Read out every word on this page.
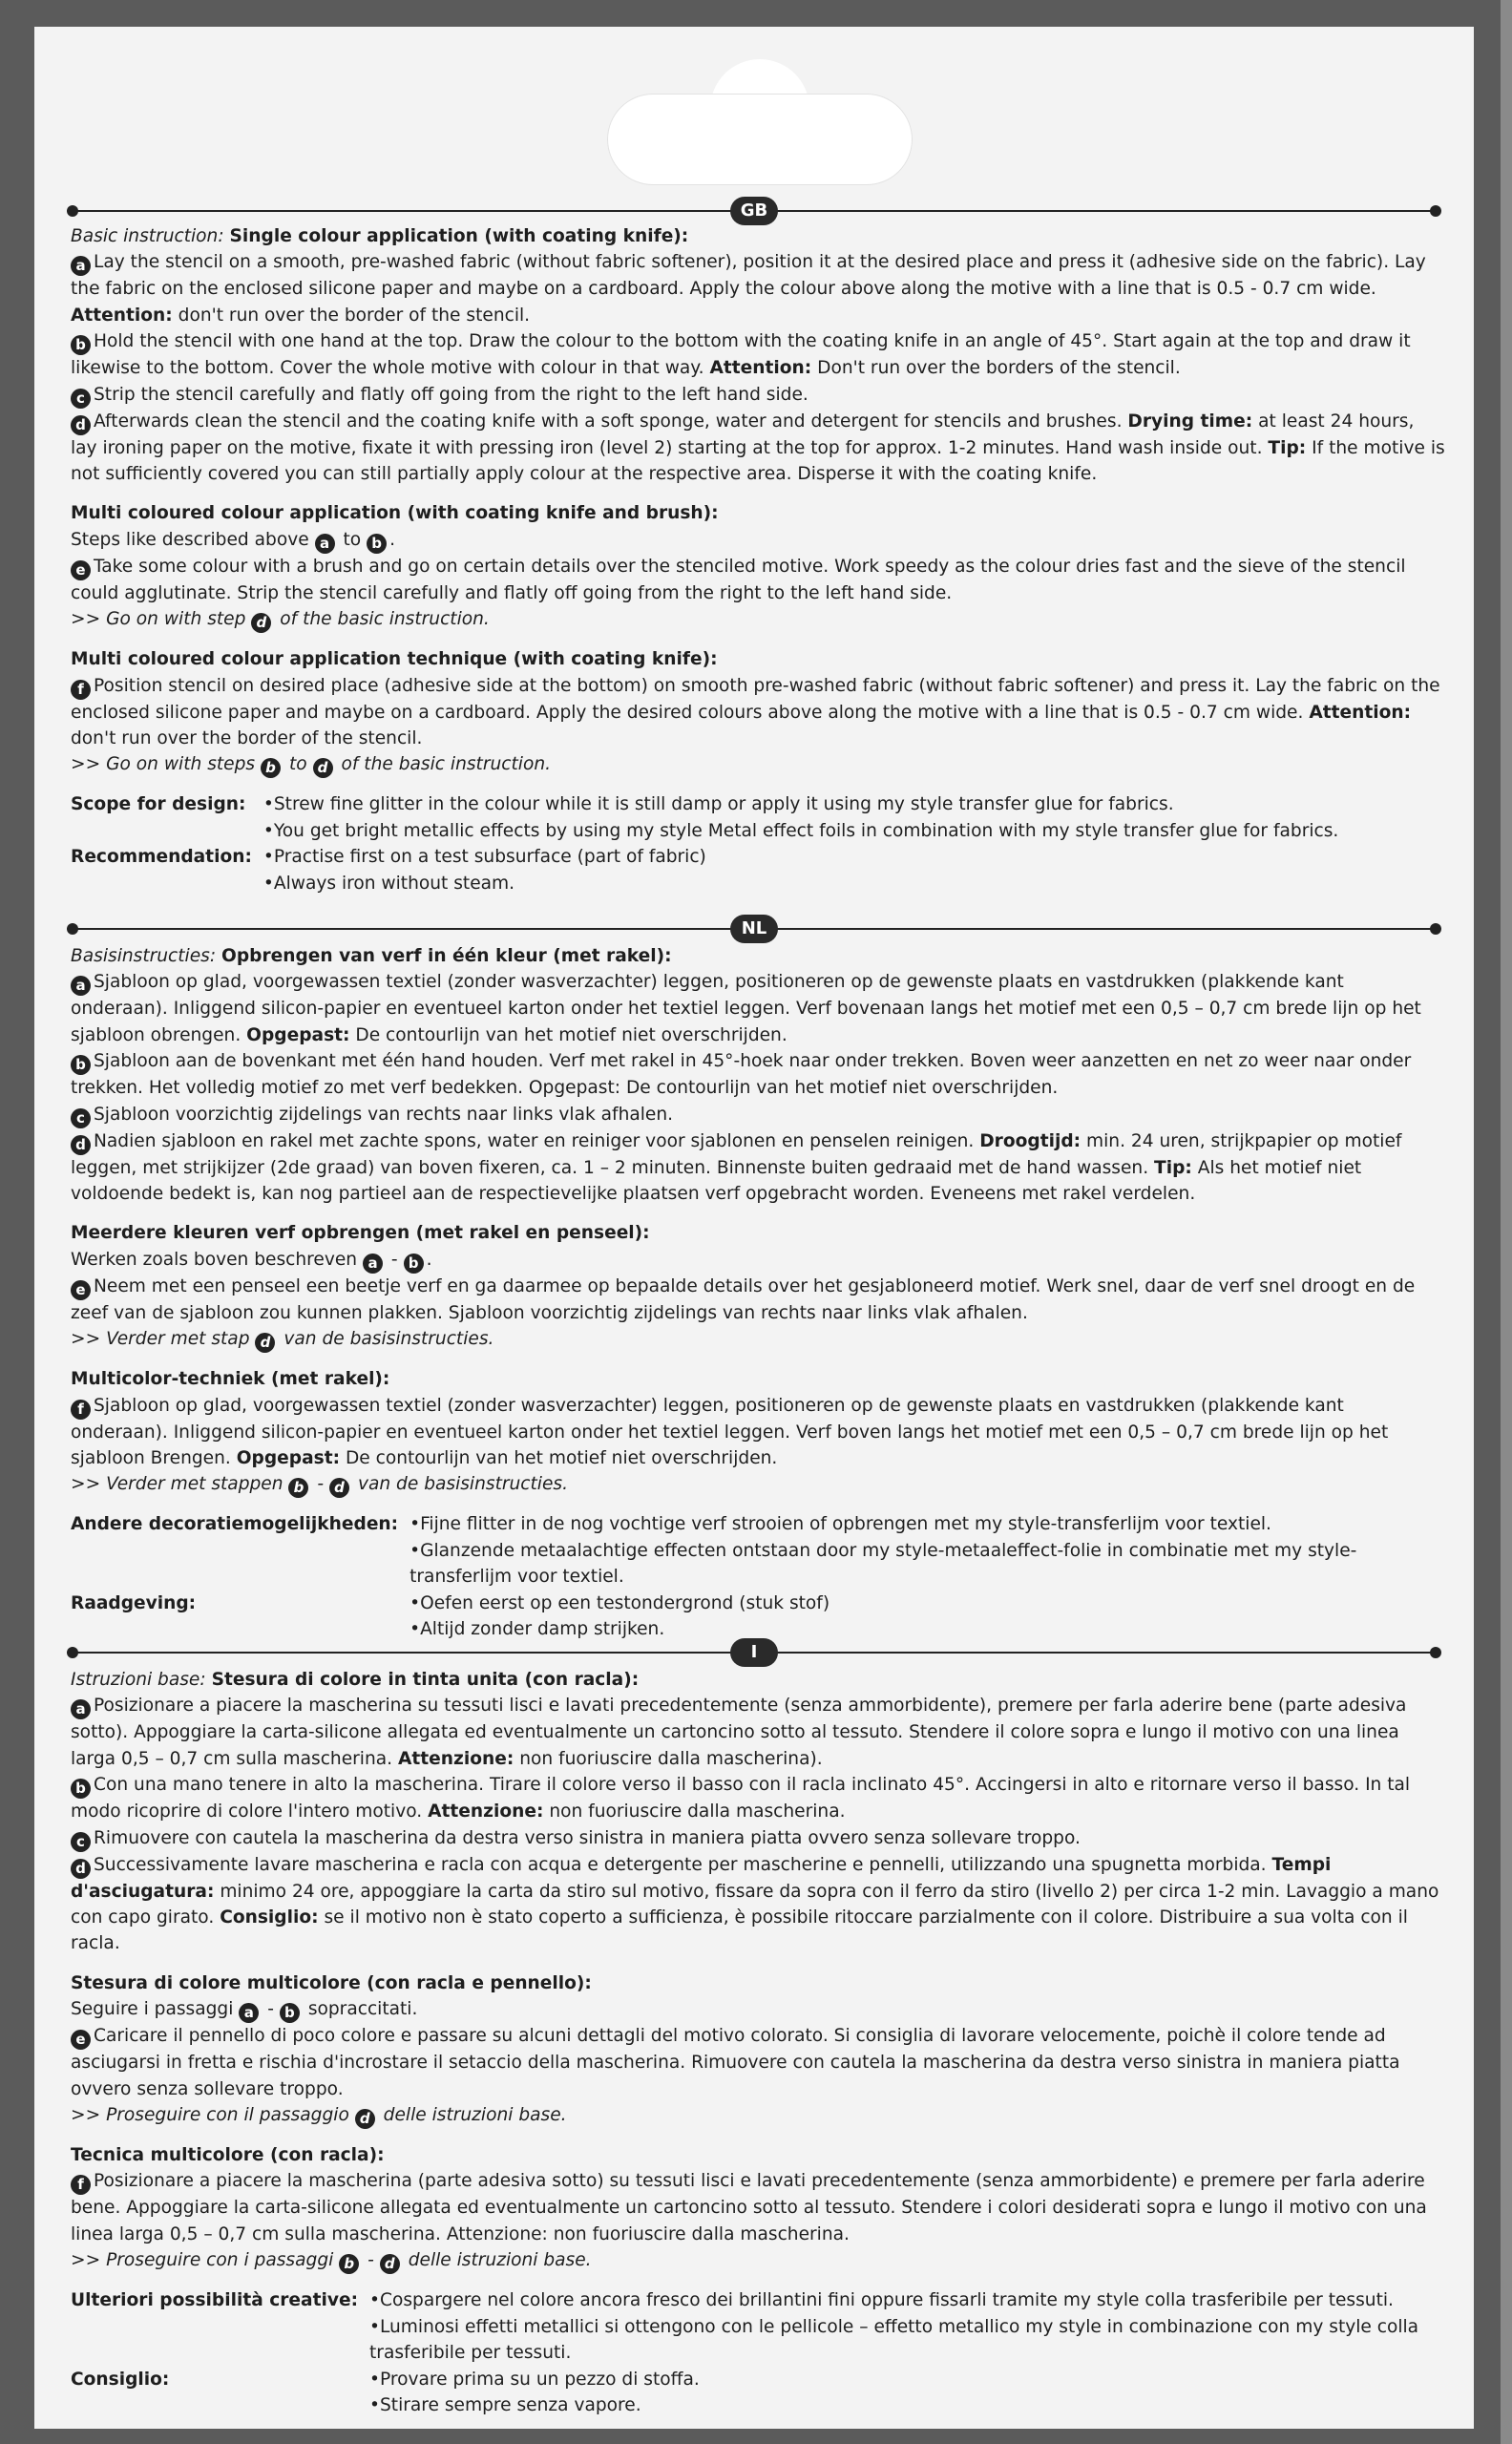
GB

Basic instruction: Single colour application (with coating knife):

a Lay the stencil on a smooth, pre-washed fabric (without fabric softener), position it at the desired place and press it (adhesive side on the fabric). Lay the fabric on the enclosed silicone paper and maybe on a cardboard. Apply the colour above along the motive with a line that is 0.5 - 0.7 cm wide. Attention: don't run over the border of the stencil.

b Hold the stencil with one hand at the top. Draw the colour to the bottom with the coating knife in an angle of 45°. Start again at the top and draw it likewise to the bottom. Cover the whole motive with colour in that way. Attention: Don't run over the borders of the stencil.

c Strip the stencil carefully and flatly off going from the right to the left hand side.

d Afterwards clean the stencil and the coating knife with a soft sponge, water and detergent for stencils and brushes. Drying time: at least 24 hours, lay ironing paper on the motive, fixate it with pressing iron (level 2) starting at the top for approx. 1-2 minutes. Hand wash inside out. Tip: If the motive is not sufficiently covered you can still partially apply colour at the respective area. Disperse it with the coating knife.

Multi coloured colour application (with coating knife and brush):

Steps like described above a to b .

e Take some colour with a brush and go on certain details over the stenciled motive. Work speedy as the colour dries fast and the sieve of the stencil could agglutinate. Strip the stencil carefully and flatly off going from the right to the left hand side.

>> Go on with step d of the basic instruction.

Multi coloured colour application technique (with coating knife):

f Position stencil on desired place (adhesive side at the bottom) on smooth pre-washed fabric (without fabric softener) and press it. Lay the fabric on the enclosed silicone paper and maybe on a cardboard. Apply the desired colours above along the motive with a line that is 0.5 - 0.7 cm wide. Attention: don't run over the border of the stencil.

>> Go on with steps b to d of the basic instruction.

Scope for design:	• Strew fine glitter in the colour while it is still damp or apply it using my style transfer glue for fabrics.
• You get bright metallic effects by using my style Metal effect foils in combination with my style transfer glue for fabrics.
Recommendation:	• Practise first on a test subsurface (part of fabric)
• Always iron without steam.
NL

Basisinstructies: Opbrengen van verf in één kleur (met rakel):

a Sjabloon op glad, voorgewassen textiel (zonder wasverzachter) leggen, positioneren op de gewenste plaats en vastdrukken (plakkende kant onderaan). Inliggend silicon-papier en eventueel karton onder het textiel leggen. Verf bovenaan langs het motief met een 0,5 – 0,7 cm brede lijn op het sjabloon obrengen. Opgepast: De contourlijn van het motief niet overschrijden.

b Sjabloon aan de bovenkant met één hand houden. Verf met rakel in 45°-hoek naar onder trekken. Boven weer aanzetten en net zo weer naar onder trekken. Het volledig motief zo met verf bedekken. Opgepast: De contourlijn van het motief niet overschrijden.

c Sjabloon voorzichtig zijdelings van rechts naar links vlak afhalen.

d Nadien sjabloon en rakel met zachte spons, water en reiniger voor sjablonen en penselen reinigen. Droogtijd: min. 24 uren, strijkpapier op motief leggen, met strijkijzer (2de graad) van boven fixeren, ca. 1 – 2 minuten. Binnenste buiten gedraaid met de hand wassen. Tip: Als het motief niet voldoende bedekt is, kan nog partieel aan de respectievelijke plaatsen verf opgebracht worden. Eveneens met rakel verdelen.

Meerdere kleuren verf opbrengen (met rakel en penseel):

Werken zoals boven beschreven a - b .

e Neem met een penseel een beetje verf en ga daarmee op bepaalde details over het gesjabloneerd motief. Werk snel, daar de verf snel droogt en de zeef van de sjabloon zou kunnen plakken. Sjabloon voorzichtig zijdelings van rechts naar links vlak afhalen.

>> Verder met stap d van de basisinstructies.

Multicolor-techniek (met rakel):

f Sjabloon op glad, voorgewassen textiel (zonder wasverzachter) leggen, positioneren op de gewenste plaats en vastdrukken (plakkende kant onderaan). Inliggend silicon-papier en eventueel karton onder het textiel leggen. Verf boven langs het motief met een 0,5 – 0,7 cm brede lijn op het sjabloon Brengen. Opgepast: De contourlijn van het motief niet overschrijden.

>> Verder met stappen b - d van de basisinstructies.

Andere decoratiemogelijkheden:	• Fijne flitter in de nog vochtige verf strooien of opbrengen met my style-transferlijm voor textiel.
• Glanzende metaalachtige effecten ontstaan door my style-metaaleffect-folie in combinatie met my style-transferlijm voor textiel.
Raadgeving:	• Oefen eerst op een testondergrond (stuk stof)
• Altijd zonder damp strijken.
I

Istruzioni base: Stesura di colore in tinta unita (con racla):

a Posizionare a piacere la mascherina su tessuti lisci e lavati precedentemente (senza ammorbidente), premere per farla aderire bene (parte adesiva sotto). Appoggiare la carta-silicone allegata ed eventualmente un cartoncino sotto al tessuto. Stendere il colore sopra e lungo il motivo con una linea larga 0,5 – 0,7 cm sulla mascherina. Attenzione: non fuoriuscire dalla mascherina).

b Con una mano tenere in alto la mascherina. Tirare il colore verso il basso con il racla inclinato 45°. Accingersi in alto e ritornare verso il basso. In tal modo ricoprire di colore l'intero motivo. Attenzione: non fuoriuscire dalla mascherina.

c Rimuovere con cautela la mascherina da destra verso sinistra in maniera piatta ovvero senza sollevare troppo.

d Successivamente lavare mascherina e racla con acqua e detergente per mascherine e pennelli, utilizzando una spugnetta morbida. Tempi d'asciugatura: minimo 24 ore, appoggiare la carta da stiro sul motivo, fissare da sopra con il ferro da stiro (livello 2) per circa 1-2 min. Lavaggio a mano con capo girato. Consiglio: se il motivo non è stato coperto a sufficienza, è possibile ritoccare parzialmente con il colore. Distribuire a sua volta con il racla.

Stesura di colore multicolore (con racla e pennello):

Seguire i passaggi a - b sopraccitati.

e Caricare il pennello di poco colore e passare su alcuni dettagli del motivo colorato. Si consiglia di lavorare velocemente, poichè il colore tende ad asciugarsi in fretta e rischia d'incrostare il setaccio della mascherina. Rimuovere con cautela la mascherina da destra verso sinistra in maniera piatta ovvero senza sollevare troppo.

>> Proseguire con il passaggio d delle istruzioni base.

Tecnica multicolore (con racla):

f Posizionare a piacere la mascherina (parte adesiva sotto) su tessuti lisci e lavati precedentemente (senza ammorbidente) e premere per farla aderire bene. Appoggiare la carta-silicone allegata ed eventualmente un cartoncino sotto al tessuto. Stendere i colori desiderati sopra e lungo il motivo con una linea larga 0,5 – 0,7 cm sulla mascherina. Attenzione: non fuoriuscire dalla mascherina.

>> Proseguire con i passaggi b - d delle istruzioni base.

Ulteriori possibilità creative:	• Cospargere nel colore ancora fresco dei brillantini fini oppure fissarli tramite my style colla trasferibile per tessuti.
• Luminosi effetti metallici si ottengono con le pellicole – effetto metallico my style in combinazione con my style colla trasferibile per tessuti.
Consiglio:	• Provare prima su un pezzo di stoffa.
• Stirare sempre senza vapore.
